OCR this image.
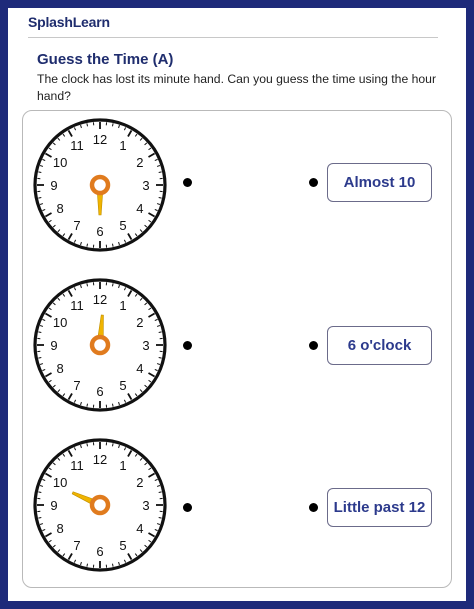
SplashLearn
Guess the Time (A)
The clock has lost its minute hand. Can you guess the time using the hour hand?
12 1
2
3
4
5
6
7
8
9
10
11
Almost 10
12 1
2
3
4
5
6
7
8
9
10
11
6 o'clock
12 1
2
3
4
5
6
7
8
9
10
11
Little past 12
